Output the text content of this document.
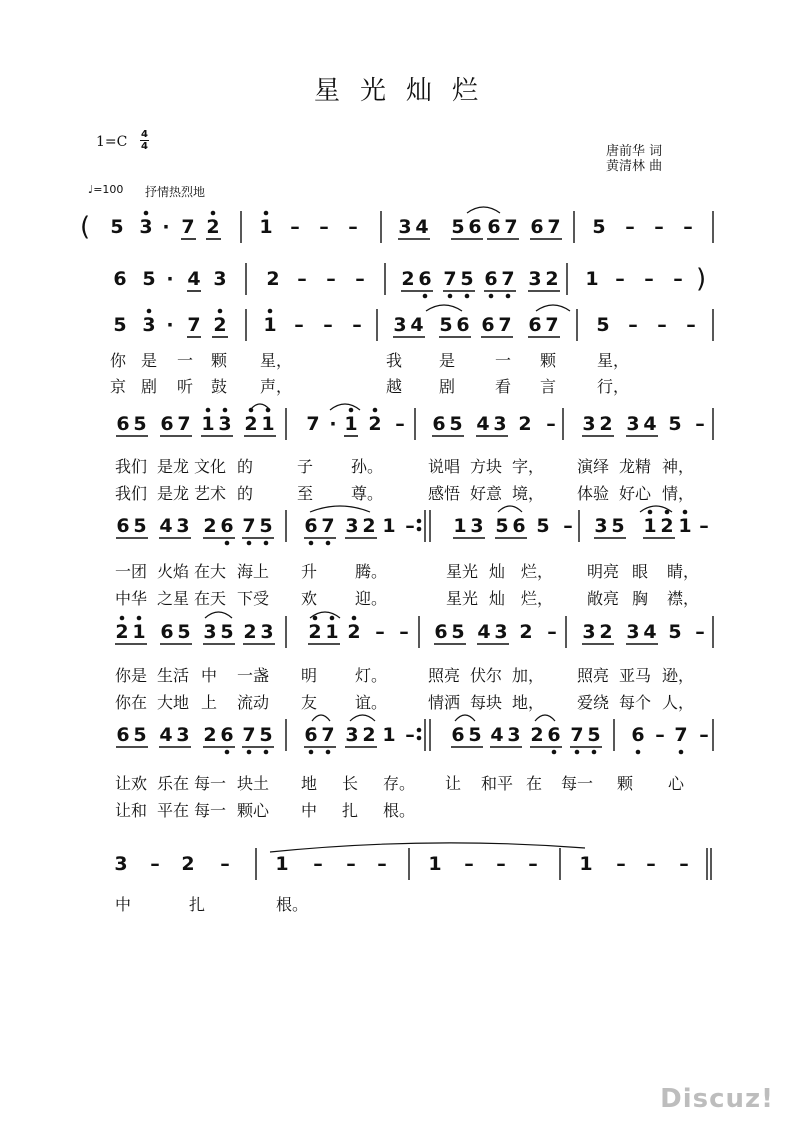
星光灿烂
1=C 4
4	唐前华 词
黄清林 曲
♩=100 抒情热烈地
( 5 3 · 7 2 1 – – – 3 4 5 6 6 7 6 7 5 – – –
6 5 · 4 3 2 – – – 2 6 7 5 6 7 3 2 1 – – – )
5 3 · 7 2 1 – – – 3 4 5 6 6 7 6 7 5 – – –
6 5 6 7 1 3 2 1 7 · 1 2 – 6 5 4 3 2 – 3 2 3 4 5 –
6 5 4 3 2 6 7 5 6 7 3 2 1 – 1 3 5 6 5 – 3 5 1 2 1 –
2 1 6 5 3 5 2 3 2 1 2 – – 6 5 4 3 2 – 3 2 3 4 5 –
6 5 4 3 2 6 7 5 6 7 3 2 1 – 6 5 4 3 2 6 7 5 6 – 7 –
3 – 2 – 1 – – – 1 – – – 1 – – –
你 是 一 颗 星，	我 是 一 颗	星，
京 剧 听 鼓 声，	越 剧 看 言	行，
我们 是龙 文化 的	子 孙。	说唱 方块 字， 演绎 龙精 神，
我们 是龙 艺术 的	至 尊。	感悟 好意 境， 体验 好心 情，
一团 火焰 在大 海上 升 腾。	星光 灿 烂， 明亮 眼 睛，
中华 之星 在天 下受 欢 迎。	星光 灿 烂， 敞亮 胸 襟，
你是 生活 中 一盏 明 灯。	照亮 伏尔 加， 照亮 亚马 逊，
你在 大地 上 流动 友 谊。	情洒 每块 地， 爱绕 每个 人，
让欢 乐在 每一 块土 地 长 存。 让 和平 在 每一 颗 心
让和 平在 每一 颗心 中 扎 根。
中	扎	根。
Discuz!
